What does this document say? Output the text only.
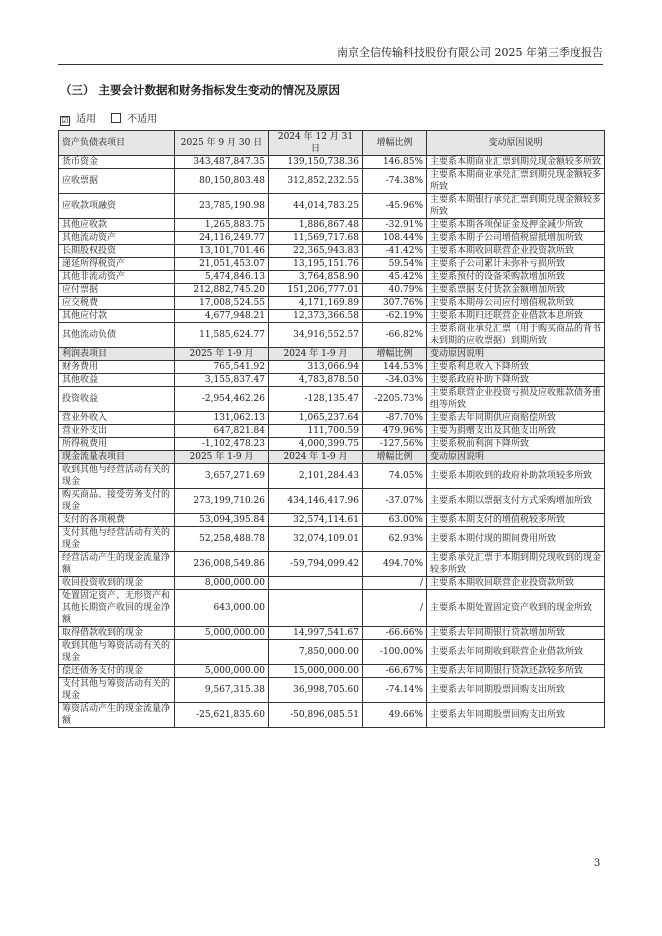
南京全信传输科技股份有限公司 2025 年第三季度报告
（三） 主要会计数据和财务指标发生变动的情况及原因
☑ 适用	不适用
资产负债表项目	2025 年 9 月 30 日	2024 年 12 月 31 日	增幅比例	变动原因说明
货币资金	343,487,847.35	139,150,738.36	146.85%	主要系本期商业汇票到期兑现金额较多所致
应收票据	80,150,803.48	312,852,232.55	-74.38%	主要系本期商业承兑汇票到期兑现金额较多所致
应收款项融资	23,785,190.98	44,014,783.25	-45.96%	主要系本期银行承兑汇票到期兑现金额较多所致
其他应收款	1,265,883.75	1,886,867.48	-32.91%	主要系本期各项保证金及押金减少所致
其他流动资产	24,116,249.77	11,569,717.68	108.44%	主要系本期子公司增值税留抵增加所致
长期股权投资	13,101,701.46	22,365,943.83	-41.42%	主要系本期收回联营企业投资款所致
递延所得税资产	21,051,453.07	13,195,151.76	59.54%	主要系子公司累计未弥补亏损所致
其他非流动资产	5,474,846.13	3,764,858.90	45.42%	主要系预付的设备采购款增加所致
应付票据	212,882,745.20	151,206,777.01	40.79%	主要系票据支付货款金额增加所致
应交税费	17,008,524.55	4,171,169.89	307.76%	主要系本期母公司应付增值税款所致
其他应付款	4,677,948.21	12,373,366.58	-62.19%	主要系本期归还联营企业借款本息所致
其他流动负债	11,585,624.77	34,916,552.57	-66.82%	主要系商业承兑汇票（用于购买商品的背书未到期的应收票据）到期所致
利润表项目	2025 年 1-9 月	2024 年 1-9 月	增幅比例	变动原因说明
财务费用	765,541.92	313,066.94	144.53%	主要系利息收入下降所致
其他收益	3,155,837.47	4,783,878.50	-34.03%	主要系政府补助下降所致
投资收益	-2,954,462.26	-128,135.47	-2205.73%	主要系联营企业投资亏损及应收账款债务重组等所致
营业外收入	131,062.13	1,065,237.64	-87.70%	主要系去年同期供应商赔偿所致
营业外支出	647,821.84	111,700.59	479.96%	主要为捐赠支出及其他支出所致
所得税费用	-1,102,478.23	4,000,399.75	-127.56%	主要系税前利润下降所致
现金流量表项目	2025 年 1-9 月	2024 年 1-9 月	增幅比例	变动原因说明
收到其他与经营活动有关的现金	3,657,271.69	2,101,284.43	74.05%	主要系本期收到的政府补助款项较多所致
购买商品、接受劳务支付的现金	273,199,710.26	434,146,417.96	-37.07%	主要系本期以票据支付方式采购增加所致
支付的各项税费	53,094,395.84	32,574,114.61	63.00%	主要系本期支付的增值税较多所致
支付其他与经营活动有关的现金	52,258,488.78	32,074,109.01	62.93%	主要系本期付现的期间费用所致
经营活动产生的现金流量净额	236,008,549.86	-59,794,099.42	494.70%	主要系承兑汇票于本期到期兑现收到的现金较多所致
收回投资收到的现金	8,000,000.00		/	主要系本期收回联营企业投资款所致
处置固定资产、无形资产和其他长期资产收回的现金净额	643,000.00		/	主要系本期处置固定资产收到的现金所致
取得借款收到的现金	5,000,000.00	14,997,541.67	-66.66%	主要系去年同期银行贷款增加所致
收到其他与筹资活动有关的现金		7,850,000.00	-100.00%	主要系去年同期收到联营企业借款所致
偿还债务支付的现金	5,000,000.00	15,000,000.00	-66.67%	主要系去年同期银行贷款还款较多所致
支付其他与筹资活动有关的现金	9,567,315.38	36,998,705.60	-74.14%	主要系去年同期股票回购支出所致
筹资活动产生的现金流量净额	-25,621,835.60	-50,896,085.51	49.66%	主要系去年同期股票回购支出所致
3
